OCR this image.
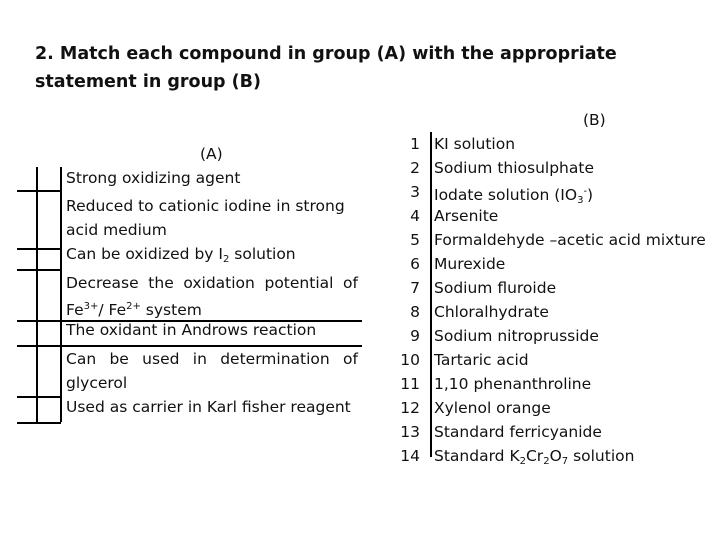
2. Match each compound in group (A) with the appropriate statement in group (B)
(A)
Strong oxidizing agent
Reduced to cationic iodine in strong
acid medium
Can be oxidized by $I_2$ solution
Decrease the oxidation potential of
$Fe^{3+}/$ $Fe^{2+}$ system
The oxidant in Androws reaction
Can be used in determination of
glycerol
Used as carrier in Karl fisher reagent
(B)
1 KI solution
2 Sodium thiosulphate
3 Iodate solution $(IO_3^-)$
4 Arsenite
5 Formaldehyde –acetic acid mixture
6 Murexide
7 Sodium fluroide
8 Chloralhydrate
9 Sodium nitroprusside
10 Tartaric acid
11 1,10 phenanthroline
12 Xylenol orange
13 Standard ferricyanide
14 Standard $K_2Cr_2O_7$ solution
